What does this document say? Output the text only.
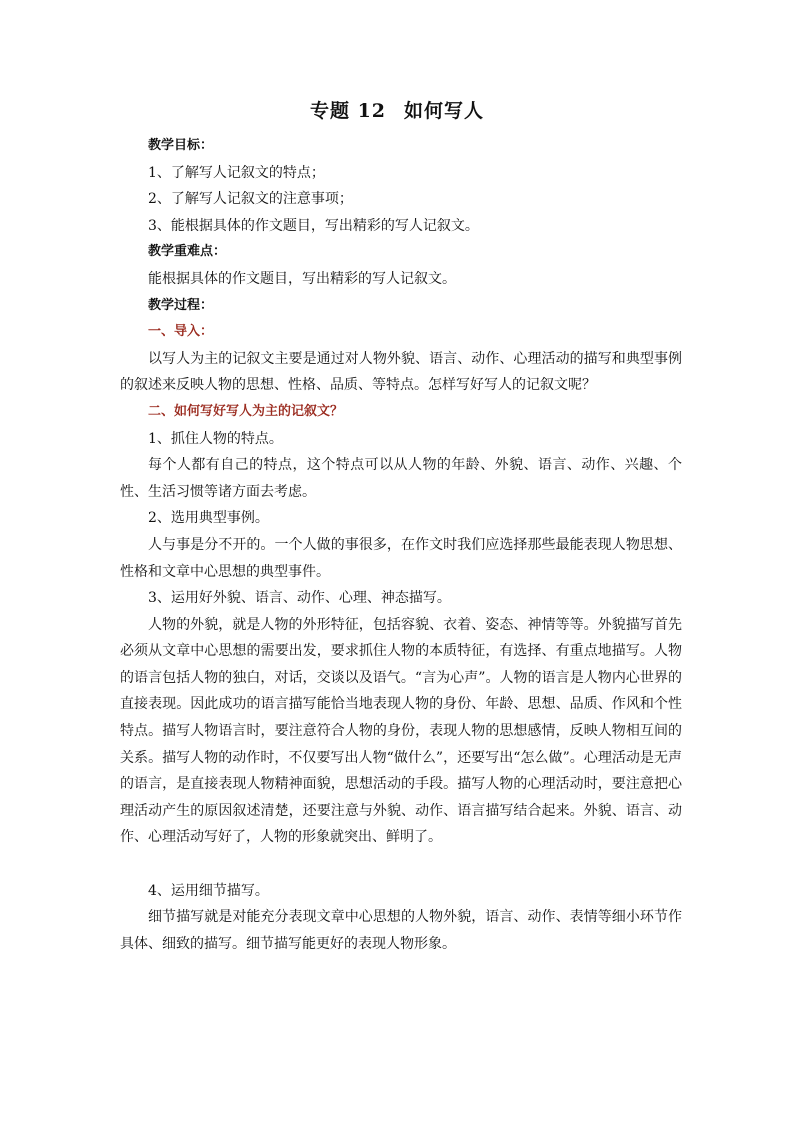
专题 12 如何写人

教学目标：

1、了解写人记叙文的特点；

2、了解写人记叙文的注意事项；

3、能根据具体的作文题目，写出精彩的写人记叙文。

教学重难点：

能根据具体的作文题目，写出精彩的写人记叙文。

教学过程：

一、导入：

以写人为主的记叙文主要是通过对人物外貌、语言、动作、心理活动的描写和典型事例的叙述来反映人物的思想、性格、品质、等特点。怎样写好写人的记叙文呢？

二、如何写好写人为主的记叙文？

1、抓住人物的特点。

每个人都有自己的特点，这个特点可以从人物的年龄、外貌、语言、动作、兴趣、个性、生活习惯等诸方面去考虑。

2、选用典型事例。

人与事是分不开的。一个人做的事很多，在作文时我们应选择那些最能表现人物思想、性格和文章中心思想的典型事件。

3、运用好外貌、语言、动作、心理、神态描写。

人物的外貌，就是人物的外形特征，包括容貌、衣着、姿态、神情等等。外貌描写首先必须从文章中心思想的需要出发，要求抓住人物的本质特征，有选择、有重点地描写。人物的语言包括人物的独白，对话，交谈以及语气。“言为心声”。人物的语言是人物内心世界的直接表现。因此成功的语言描写能恰当地表现人物的身份、年龄、思想、品质、作风和个性特点。描写人物语言时，要注意符合人物的身份，表现人物的思想感情，反映人物相互间的关系。描写人物的动作时，不仅要写出人物“做什么”，还要写出“怎么做”。心理活动是无声的语言，是直接表现人物精神面貌，思想活动的手段。描写人物的心理活动时，要注意把心理活动产生的原因叙述清楚，还要注意与外貌、动作、语言描写结合起来。外貌、语言、动作、心理活动写好了，人物的形象就突出、鲜明了。

4、运用细节描写。

细节描写就是对能充分表现文章中心思想的人物外貌，语言、动作、表情等细小环节作具体、细致的描写。细节描写能更好的表现人物形象。
